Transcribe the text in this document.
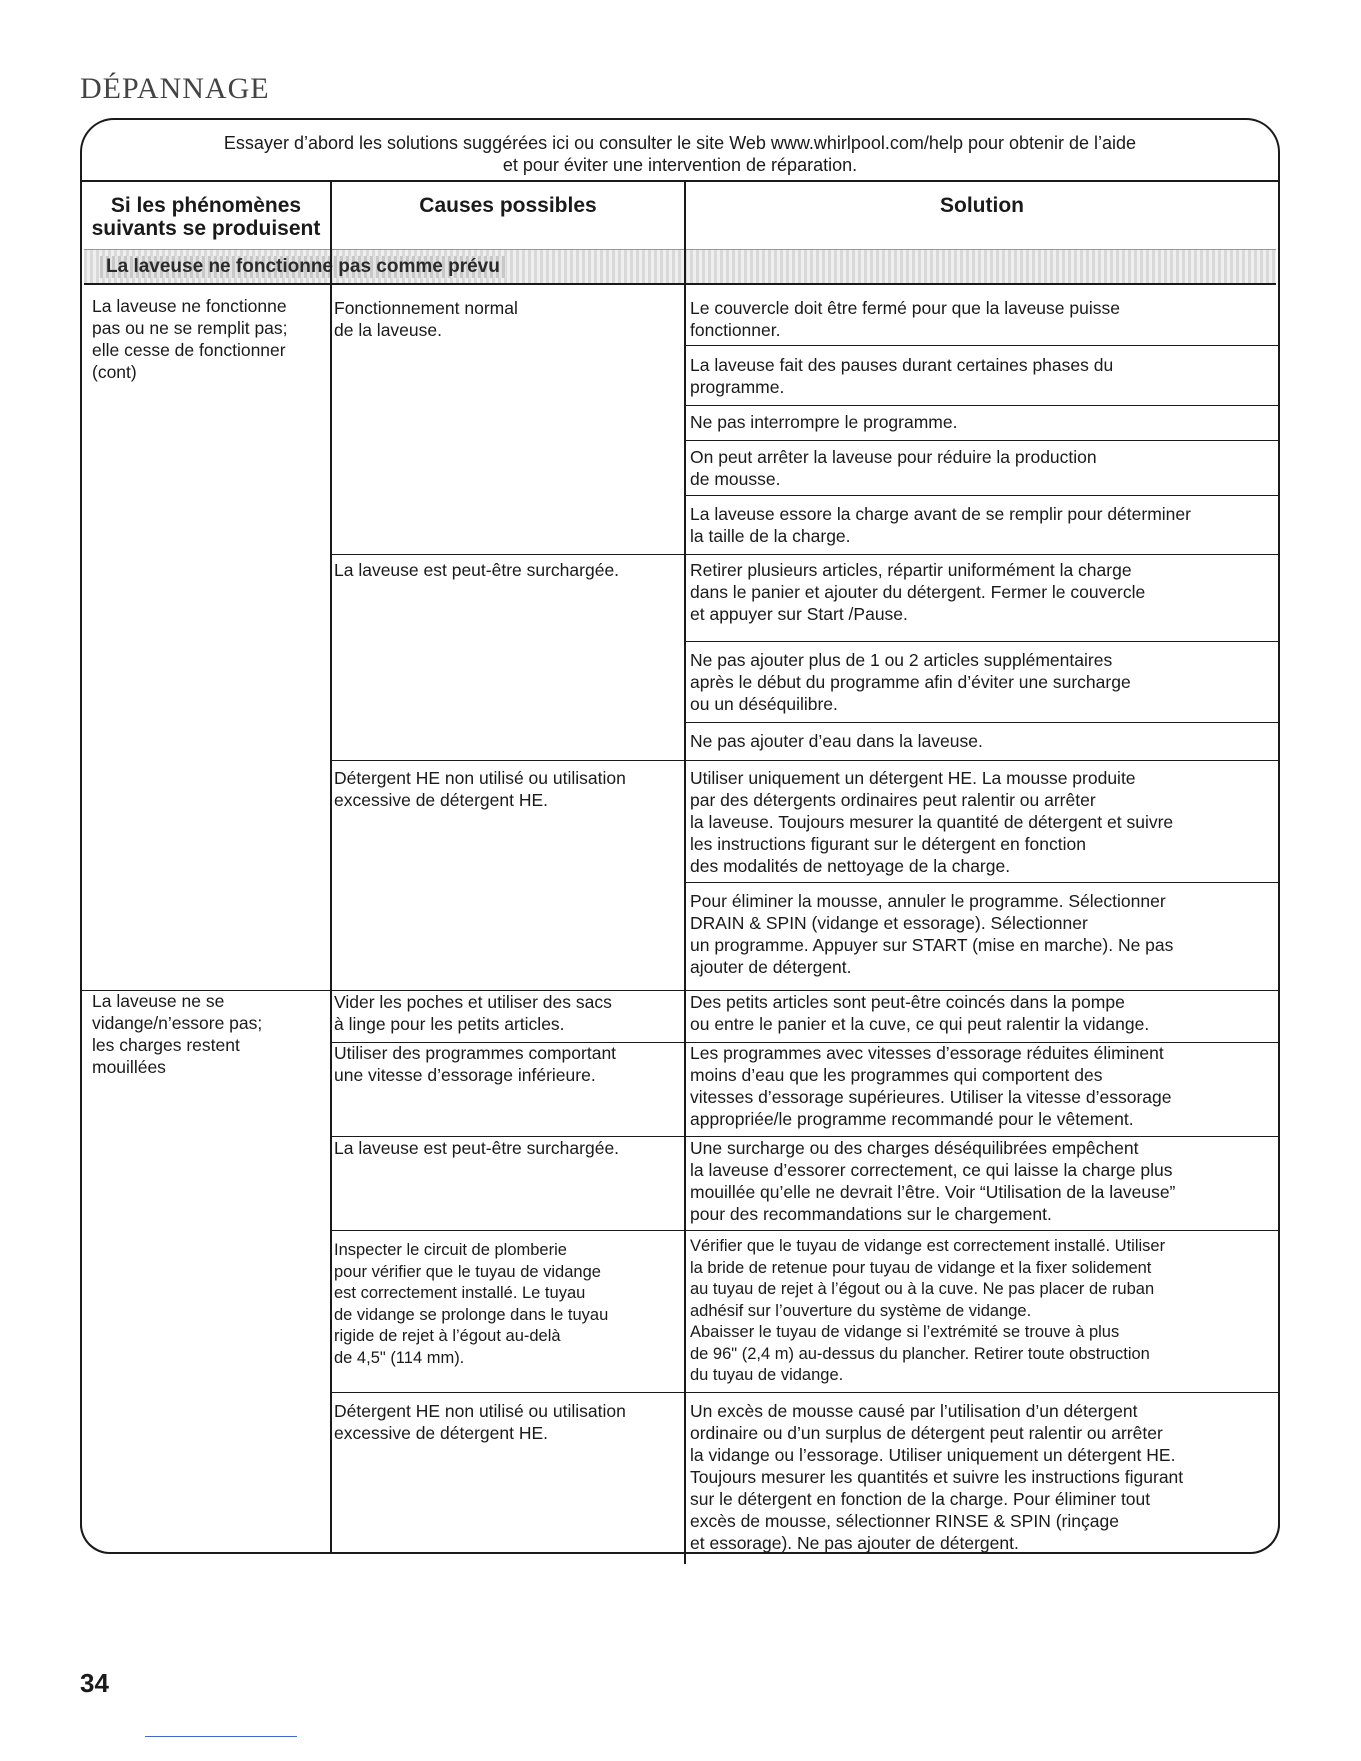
DÉPANNAGE
Essayer d’abord les solutions suggérées ici ou consulter le site Web www.whirlpool.com/help pour obtenir de l’aide
et pour éviter une intervention de réparation.
Si les phénomènes
suivants se produisent
Causes possibles	Solution
La laveuse ne fonctionne pas comme prévu
La laveuse ne fonctionne
pas ou ne se remplit pas;
elle cesse de fonctionner
(cont)
La laveuse ne se
vidange/n’essore pas;
les charges restent
mouillées
Fonctionnement normal
de la laveuse.
La laveuse est peut-être surchargée.
Détergent HE non utilisé ou utilisation
excessive de détergent HE.
Vider les poches et utiliser des sacs
à linge pour les petits articles.
Utiliser des programmes comportant
une vitesse d’essorage inférieure.
La laveuse est peut-être surchargée.
Inspecter le circuit de plomberie
pour vérifier que le tuyau de vidange
est correctement installé. Le tuyau
de vidange se prolonge dans le tuyau
rigide de rejet à l’égout au-delà
de 4,5" (114 mm).
Détergent HE non utilisé ou utilisation
excessive de détergent HE.
Le couvercle doit être fermé pour que la laveuse puisse
fonctionner.
La laveuse fait des pauses durant certaines phases du
programme.
Ne pas interrompre le programme.
On peut arrêter la laveuse pour réduire la production
de mousse.
La laveuse essore la charge avant de se remplir pour déterminer
la taille de la charge.
Retirer plusieurs articles, répartir uniformément la charge
dans le panier et ajouter du détergent. Fermer le couvercle
et appuyer sur Start /Pause.
Ne pas ajouter plus de 1 ou 2 articles supplémentaires
après le début du programme afin d’éviter une surcharge
ou un déséquilibre.
Ne pas ajouter d’eau dans la laveuse.
Utiliser uniquement un détergent HE. La mousse produite
par des détergents ordinaires peut ralentir ou arrêter
la laveuse. Toujours mesurer la quantité de détergent et suivre
les instructions figurant sur le détergent en fonction
des modalités de nettoyage de la charge.
Pour éliminer la mousse, annuler le programme. Sélectionner
DRAIN & SPIN (vidange et essorage). Sélectionner
un programme. Appuyer sur START (mise en marche). Ne pas
ajouter de détergent.
Des petits articles sont peut-être coincés dans la pompe
ou entre le panier et la cuve, ce qui peut ralentir la vidange.
Les programmes avec vitesses d’essorage réduites éliminent
moins d’eau que les programmes qui comportent des
vitesses d’essorage supérieures. Utiliser la vitesse d’essorage
appropriée/le programme recommandé pour le vêtement.
Une surcharge ou des charges déséquilibrées empêchent
la laveuse d’essorer correctement, ce qui laisse la charge plus
mouillée qu’elle ne devrait l’être. Voir “Utilisation de la laveuse”
pour des recommandations sur le chargement.
Vérifier que le tuyau de vidange est correctement installé. Utiliser
la bride de retenue pour tuyau de vidange et la fixer solidement
au tuyau de rejet à l’égout ou à la cuve. Ne pas placer de ruban
adhésif sur l’ouverture du système de vidange.
Abaisser le tuyau de vidange si l’extrémité se trouve à plus
de 96" (2,4 m) au-dessus du plancher. Retirer toute obstruction
du tuyau de vidange.
Un excès de mousse causé par l’utilisation d’un détergent
ordinaire ou d’un surplus de détergent peut ralentir ou arrêter
la vidange ou l’essorage. Utiliser uniquement un détergent HE.
Toujours mesurer les quantités et suivre les instructions figurant
sur le détergent en fonction de la charge. Pour éliminer tout
excès de mousse, sélectionner RINSE & SPIN (rinçage
et essorage). Ne pas ajouter de détergent.
34
